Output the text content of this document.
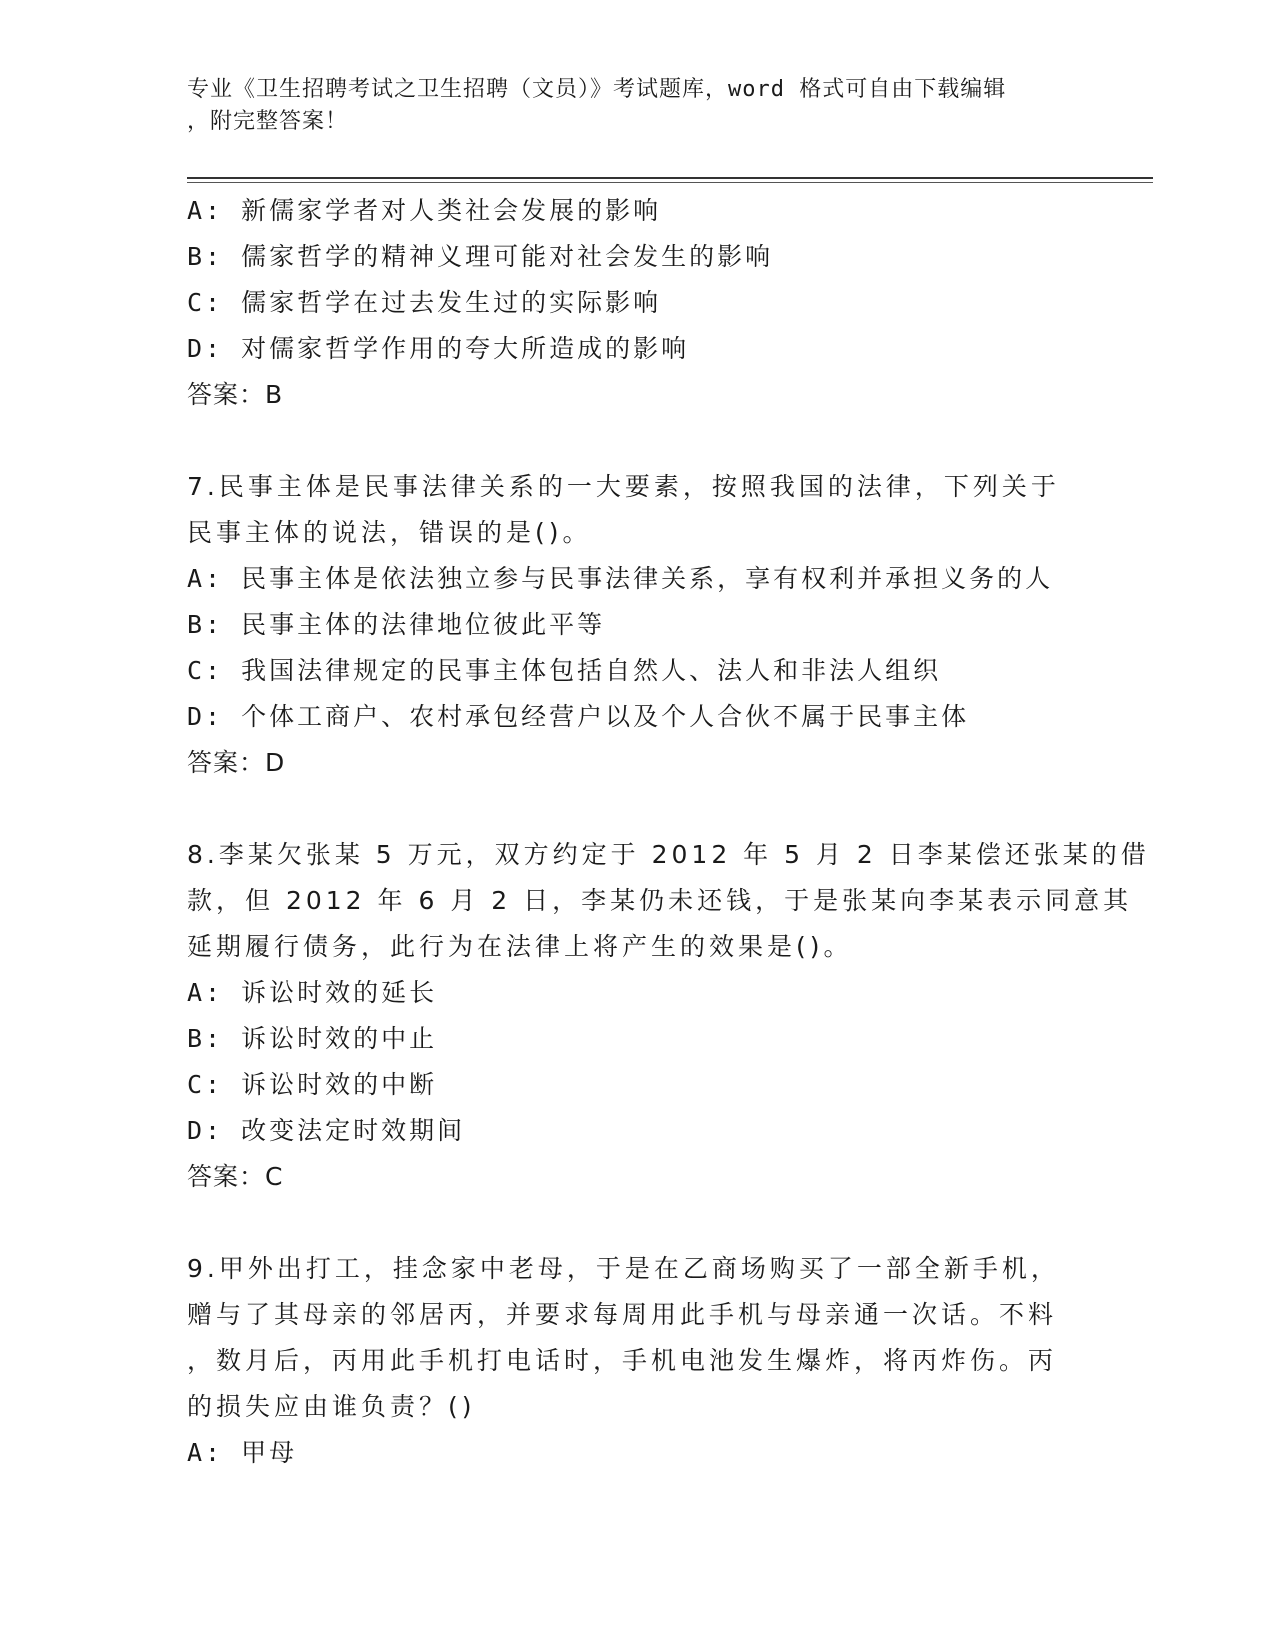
专业《卫生招聘考试之卫生招聘（文员）》考试题库，word 格式可自由下载编辑
，附完整答案！
A: 新儒家学者对人类社会发展的影响
B: 儒家哲学的精神义理可能对社会发生的影响
C: 儒家哲学在过去发生过的实际影响
D: 对儒家哲学作用的夸大所造成的影响
答案：B
7.民事主体是民事法律关系的一大要素，按照我国的法律，下列关于
民事主体的说法，错误的是()。
A: 民事主体是依法独立参与民事法律关系，享有权利并承担义务的人
B: 民事主体的法律地位彼此平等
C: 我国法律规定的民事主体包括自然人、法人和非法人组织
D: 个体工商户、农村承包经营户以及个人合伙不属于民事主体
答案：D
8.李某欠张某 5 万元，双方约定于 2012 年 5 月 2 日李某偿还张某的借
款，但 2012 年 6 月 2 日，李某仍未还钱，于是张某向李某表示同意其
延期履行债务，此行为在法律上将产生的效果是()。
A: 诉讼时效的延长
B: 诉讼时效的中止
C: 诉讼时效的中断
D: 改变法定时效期间
答案：C
9.甲外出打工，挂念家中老母，于是在乙商场购买了一部全新手机，
赠与了其母亲的邻居丙，并要求每周用此手机与母亲通一次话。不料
，数月后，丙用此手机打电话时，手机电池发生爆炸，将丙炸伤。丙
的损失应由谁负责？()
A: 甲母
